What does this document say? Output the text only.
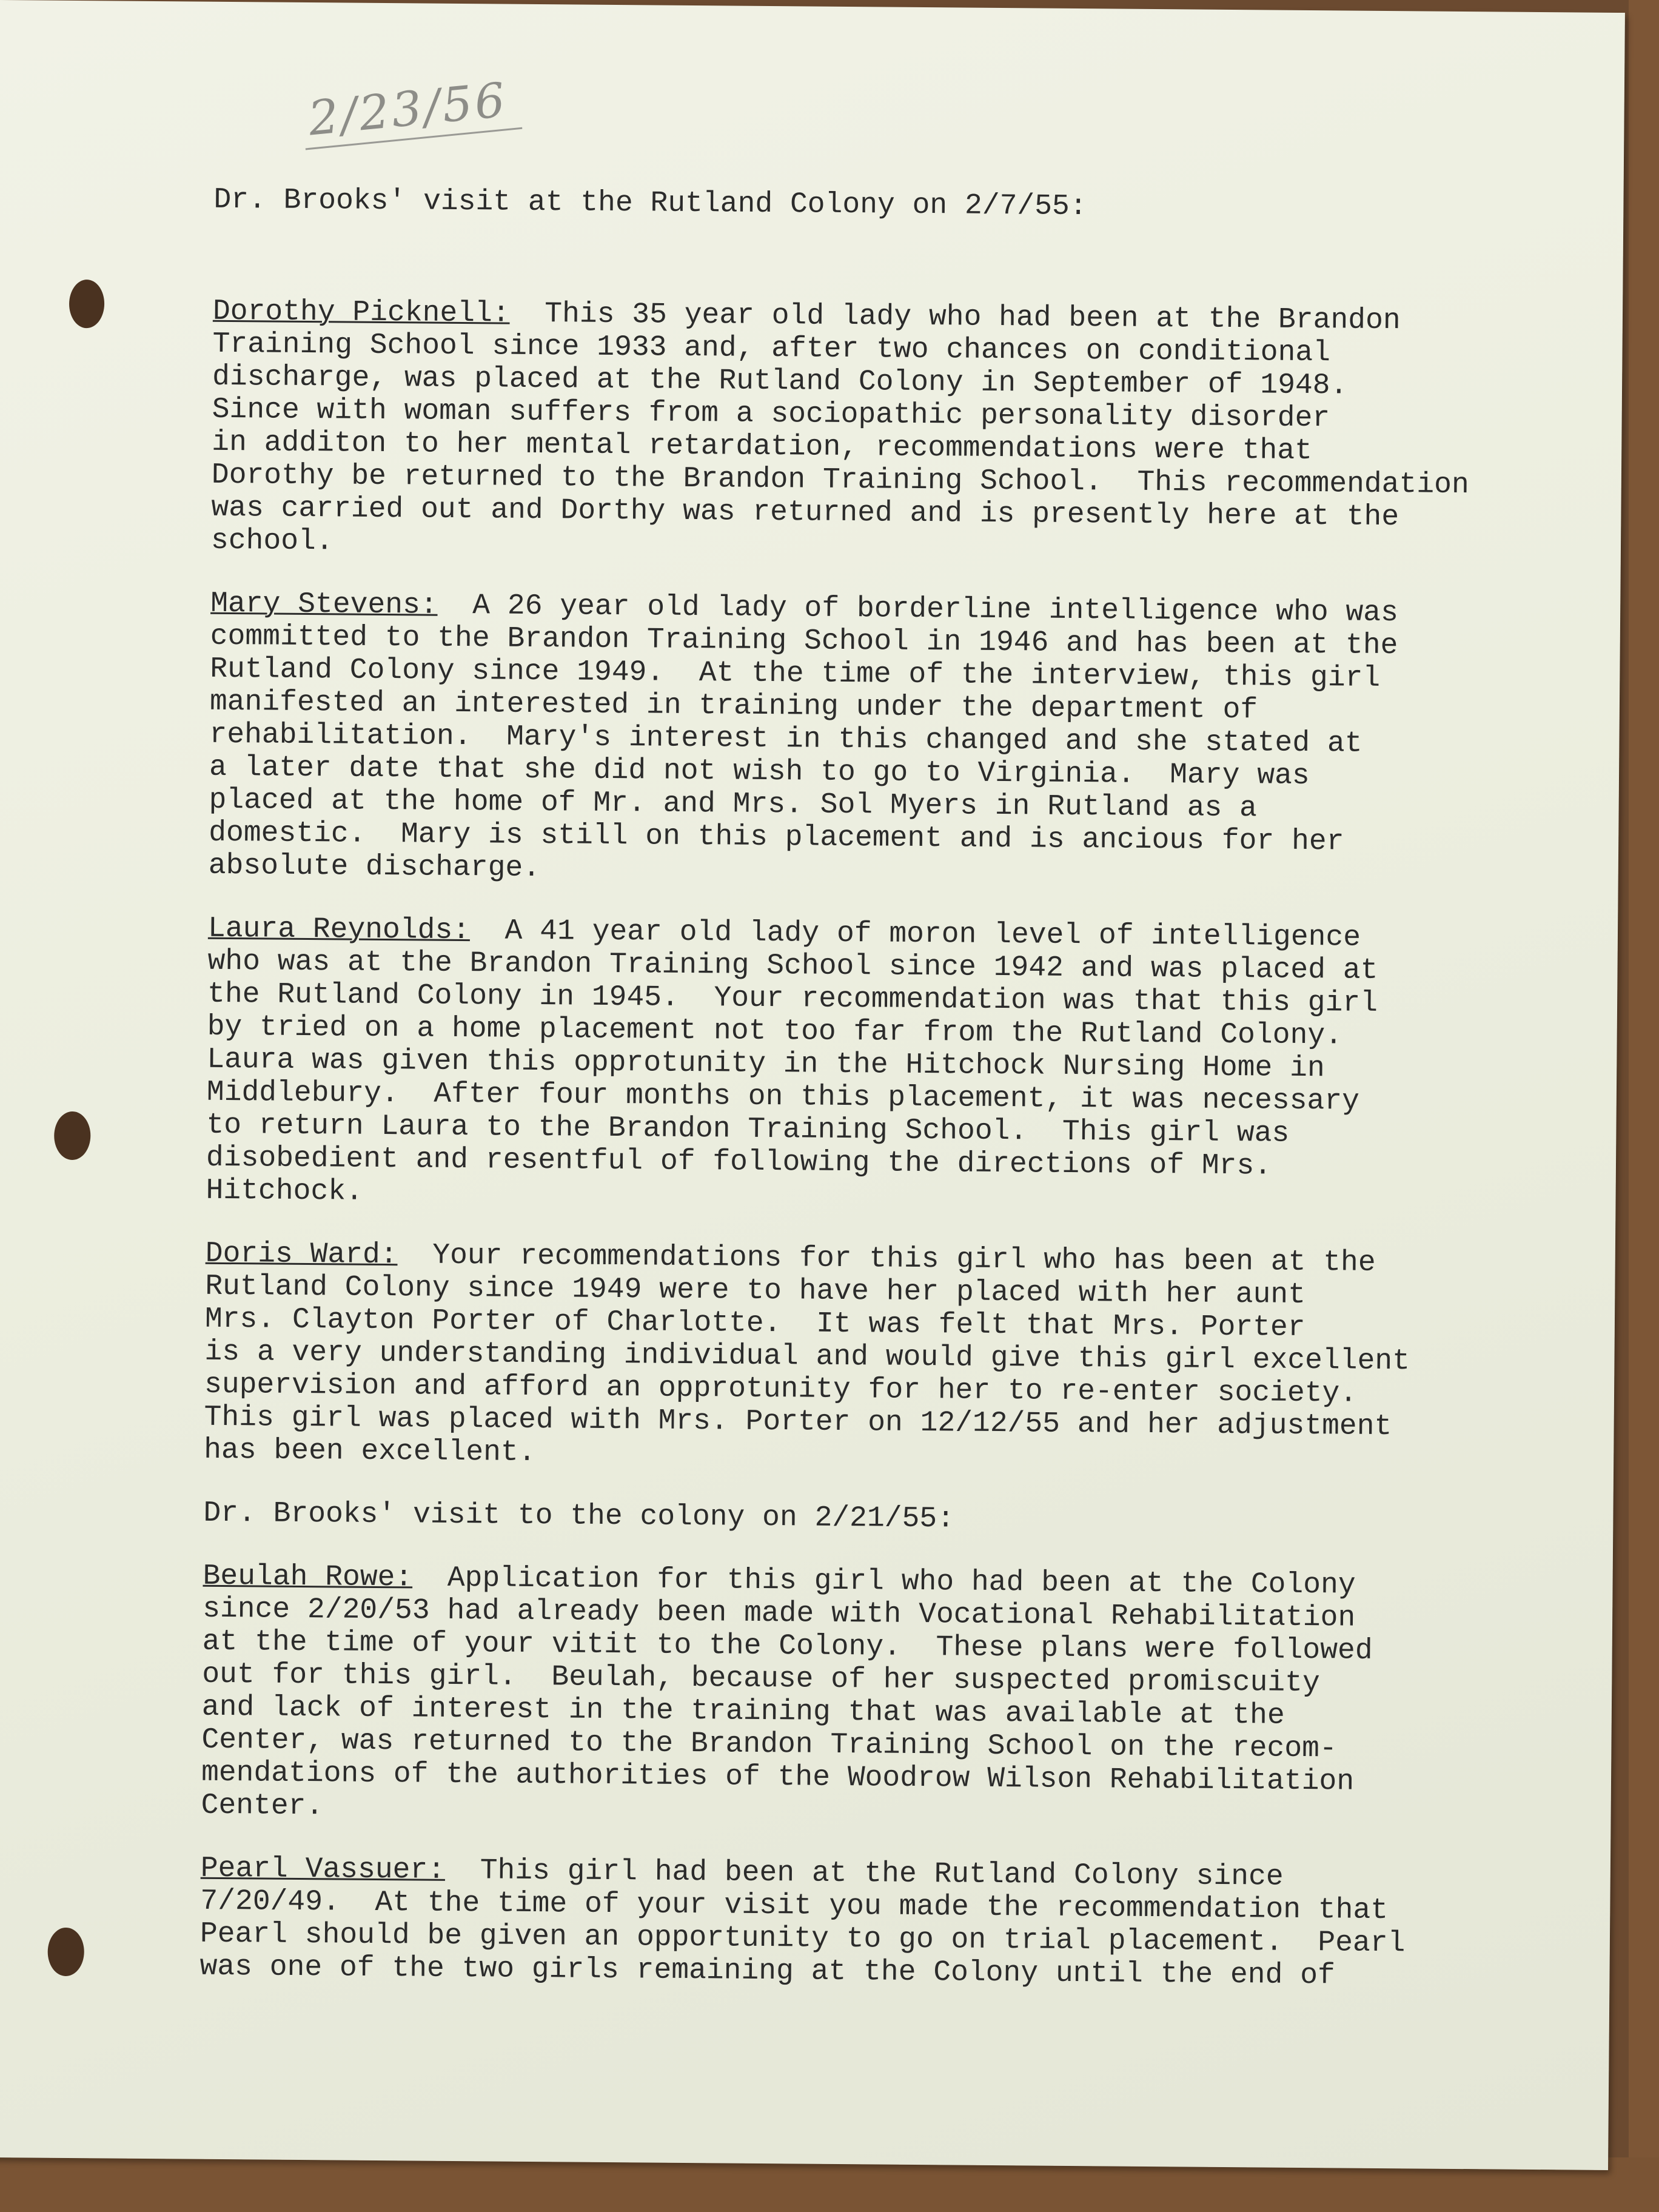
2/23/56
Dr. Brooks' visit at the Rutland Colony on 2/7/55:
Dorothy Picknell:  This 35 year old lady who had been at the Brandon
Training School since 1933 and, after two chances on conditional
discharge, was placed at the Rutland Colony in September of 1948.
Since with woman suffers from a sociopathic personality disorder
in additon to her mental retardation, recommendations were that
Dorothy be returned to the Brandon Training School.  This recommendation
was carried out and Dorthy was returned and is presently here at the
school.
Mary Stevens:  A 26 year old lady of borderline intelligence who was
committed to the Brandon Training School in 1946 and has been at the
Rutland Colony since 1949.  At the time of the interview, this girl
manifested an interested in training under the department of
rehabilitation.  Mary's interest in this changed and she stated at
a later date that she did not wish to go to Virginia.  Mary was
placed at the home of Mr. and Mrs. Sol Myers in Rutland as a
domestic.  Mary is still on this placement and is ancious for her
absolute discharge.
Laura Reynolds:  A 41 year old lady of moron level of intelligence
who was at the Brandon Training School since 1942 and was placed at
the Rutland Colony in 1945.  Your recommendation was that this girl
by tried on a home placement not too far from the Rutland Colony.
Laura was given this opprotunity in the Hitchock Nursing Home in
Middlebury.  After four months on this placement, it was necessary
to return Laura to the Brandon Training School.  This girl was
disobedient and resentful of following the directions of Mrs.
Hitchock.
Doris Ward:  Your recommendations for this girl who has been at the
Rutland Colony since 1949 were to have her placed with her aunt
Mrs. Clayton Porter of Charlotte.  It was felt that Mrs. Porter
is a very understanding individual and would give this girl excellent
supervision and afford an opprotunity for her to re-enter society.
This girl was placed with Mrs. Porter on 12/12/55 and her adjustment
has been excellent.
Dr. Brooks' visit to the colony on 2/21/55:
Beulah Rowe:  Application for this girl who had been at the Colony
since 2/20/53 had already been made with Vocational Rehabilitation
at the time of your vitit to the Colony.  These plans were followed
out for this girl.  Beulah, because of her suspected promiscuity
and lack of interest in the training that was available at the
Center, was returned to the Brandon Training School on the recom-
mendations of the authorities of the Woodrow Wilson Rehabilitation
Center.
Pearl Vassuer:  This girl had been at the Rutland Colony since
7/20/49.  At the time of your visit you made the recommendation that
Pearl should be given an opportunity to go on trial placement.  Pearl
was one of the two girls remaining at the Colony until the end of
